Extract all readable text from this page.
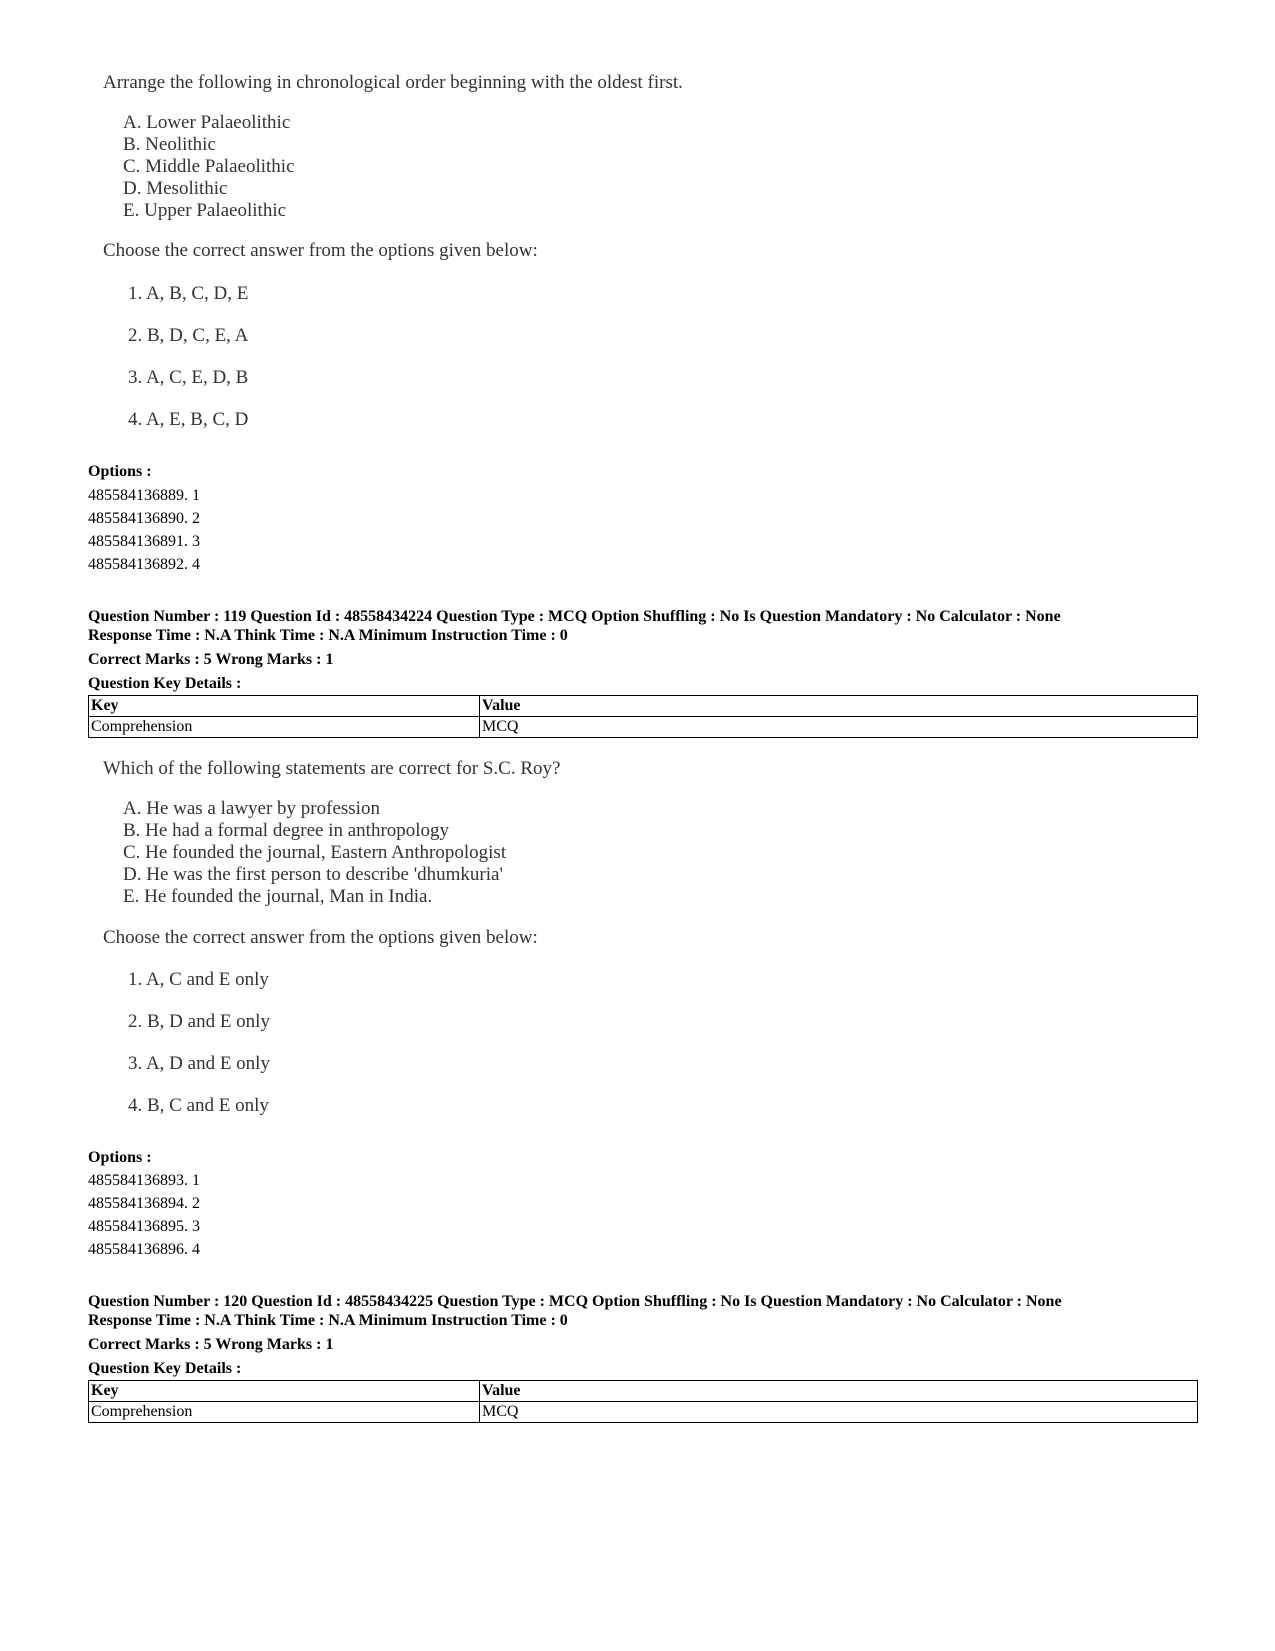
Arrange the following in chronological order beginning with the oldest first.
A. Lower Palaeolithic
B. Neolithic
C. Middle Palaeolithic
D. Mesolithic
E. Upper Palaeolithic
Choose the correct answer from the options given below:
1. A, B, C, D, E
2. B, D, C, E, A
3. A, C, E, D, B
4. A, E, B, C, D
Options :
485584136889. 1
485584136890. 2
485584136891. 3
485584136892. 4
Question Number : 119 Question Id : 48558434224 Question Type : MCQ Option Shuffling : No Is Question Mandatory : No Calculator : None
Response Time : N.A Think Time : N.A Minimum Instruction Time : 0
Correct Marks : 5 Wrong Marks : 1
Question Key Details :
Key	Value
Comprehension	MCQ
Which of the following statements are correct for S.C. Roy?
A. He was a lawyer by profession
B. He had a formal degree in anthropology
C. He founded the journal, Eastern Anthropologist
D. He was the first person to describe 'dhumkuria'
E. He founded the journal, Man in India.
Choose the correct answer from the options given below:
1. A, C and E only
2. B, D and E only
3. A, D and E only
4. B, C and E only
Options :
485584136893. 1
485584136894. 2
485584136895. 3
485584136896. 4
Question Number : 120 Question Id : 48558434225 Question Type : MCQ Option Shuffling : No Is Question Mandatory : No Calculator : None
Response Time : N.A Think Time : N.A Minimum Instruction Time : 0
Correct Marks : 5 Wrong Marks : 1
Question Key Details :
Key	Value
Comprehension	MCQ
